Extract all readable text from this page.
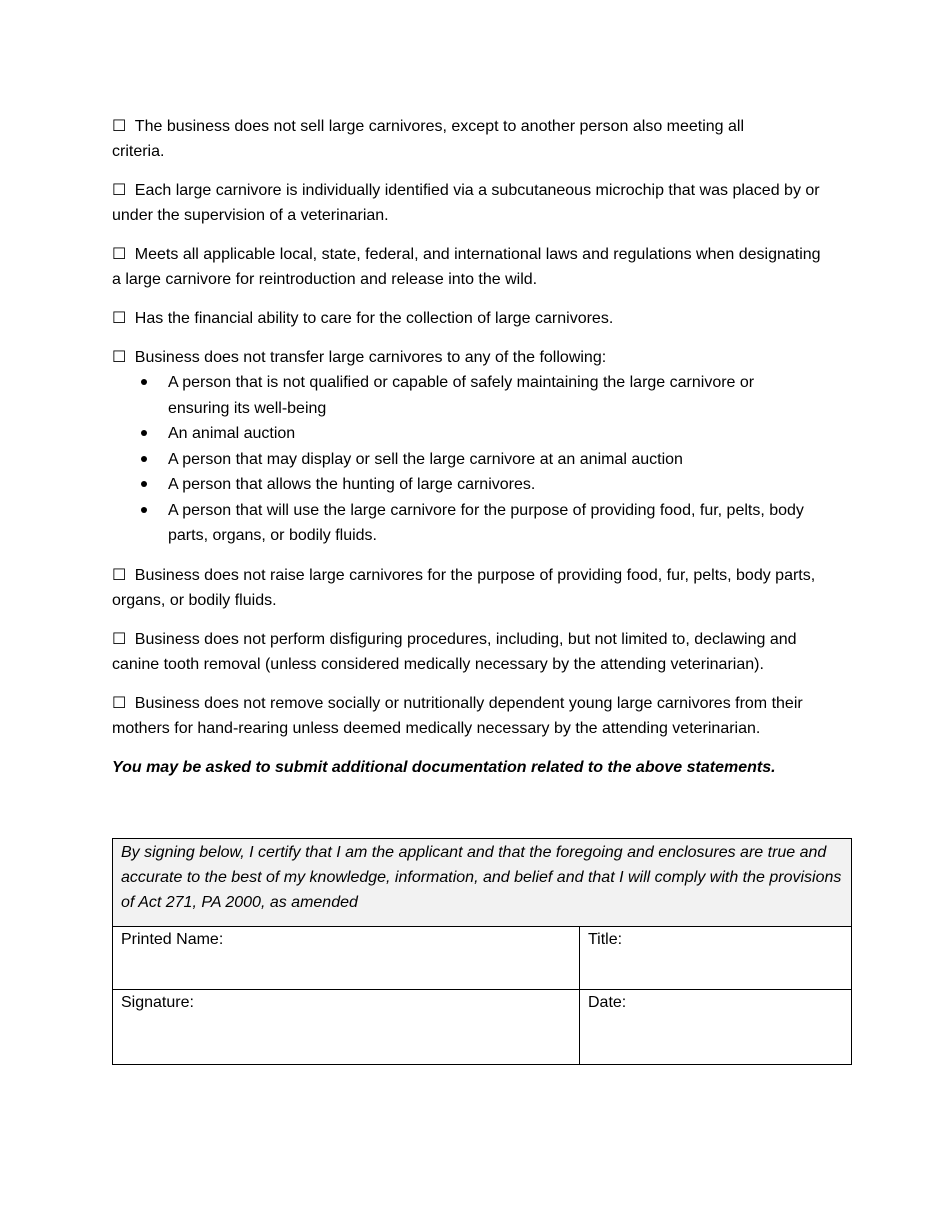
☐ The business does not sell large carnivores, except to another person also meeting all criteria.

☐ Each large carnivore is individually identified via a subcutaneous microchip that was placed by or under the supervision of a veterinarian.

☐ Meets all applicable local, state, federal, and international laws and regulations when designating a large carnivore for reintroduction and release into the wild.

☐ Has the financial ability to care for the collection of large carnivores.

☐ Business does not transfer large carnivores to any of the following:

A person that is not qualified or capable of safely maintaining the large carnivore or ensuring its well-being
An animal auction
A person that may display or sell the large carnivore at an animal auction
A person that allows the hunting of large carnivores.
A person that will use the large carnivore for the purpose of providing food, fur, pelts, body parts, organs, or bodily fluids.

☐ Business does not raise large carnivores for the purpose of providing food, fur, pelts, body parts, organs, or bodily fluids.

☐ Business does not perform disfiguring procedures, including, but not limited to, declawing and canine tooth removal (unless considered medically necessary by the attending veterinarian).

☐ Business does not remove socially or nutritionally dependent young large carnivores from their mothers for hand-rearing unless deemed medically necessary by the attending veterinarian.

You may be asked to submit additional documentation related to the above statements.

By signing below, I certify that I am the applicant and that the foregoing and enclosures are true and accurate to the best of my knowledge, information, and belief and that I will comply with the provisions of Act 271, PA 2000, as amended	

Printed Name:	Title:

Signature:	Date:
